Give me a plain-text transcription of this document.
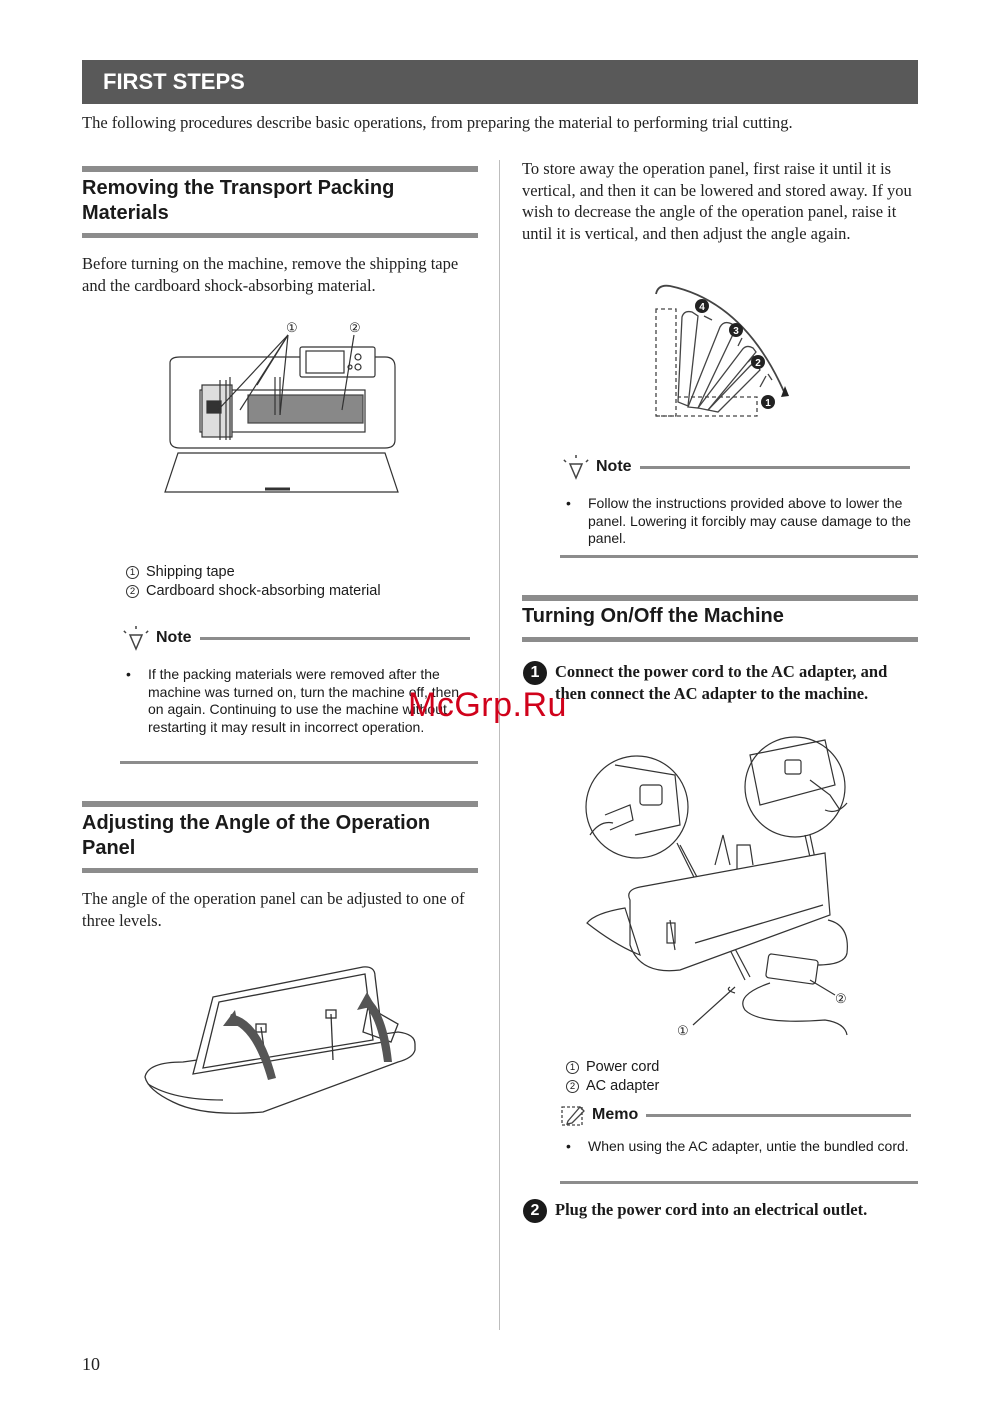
FIRST STEPS
The following procedures describe basic operations, from preparing the material to performing trial cutting.
Removing the Transport Packing
Materials
Before turning on the machine, remove the shipping tape and the cardboard shock-absorbing material.
①	②
1 Shipping tape
2 Cardboard shock-absorbing material
Note
• If the packing materials were removed after the machine was turned on, turn the machine off, then on again. Continuing to use the machine without restarting it may result in incorrect operation.
Adjusting the Angle of the Operation
Panel
The angle of the operation panel can be adjusted to one of three levels.
To store away the operation panel, first raise it until it is vertical, and then it can be lowered and stored away. If you wish to decrease the angle of the operation panel, raise it until it is vertical, and then adjust the angle again.
1
2
3
4
Note
• Follow the instructions provided above to lower the panel. Lowering it forcibly may cause damage to the panel.
Turning On/Off the Machine
1 Connect the power cord to the AC adapter, and then connect the AC adapter to the machine.
①
②
1 Power cord
2 AC adapter
Memo
• When using the AC adapter, untie the bundled cord.
2 Plug the power cord into an electrical outlet.
10
McGrp.Ru
